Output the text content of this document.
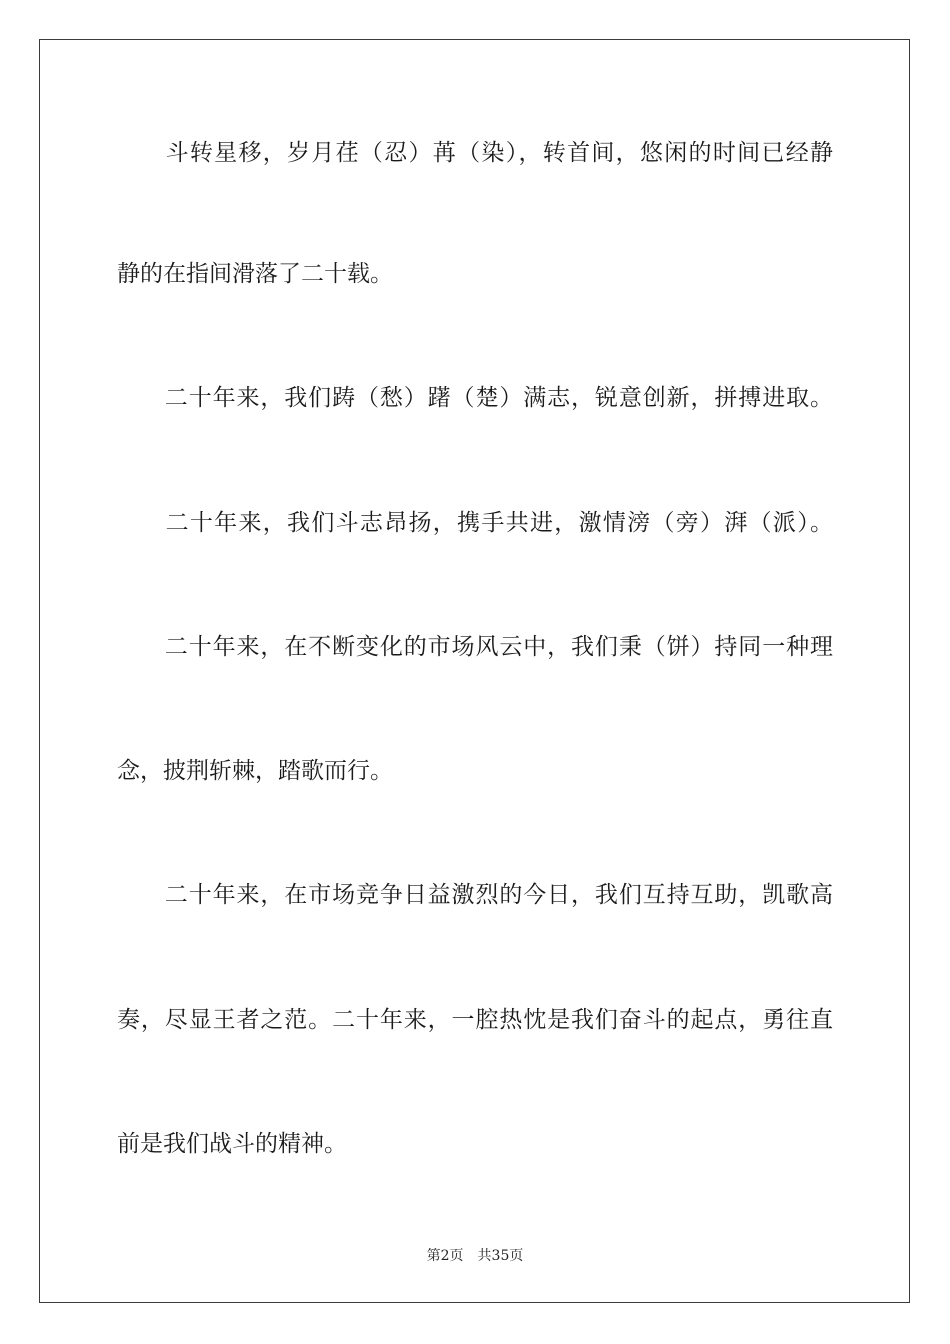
　　斗转星移，岁月荏（忍）苒（染），转首间，悠闲的时间已经静
静的在指间滑落了二十载。
　　二十年来，我们踌（愁）躇（楚）满志，锐意创新，拼搏进取。
　　二十年来，我们斗志昂扬，携手共进，激情滂（旁）湃（派）。
　　二十年来，在不断变化的市场风云中，我们秉（饼）持同一种理
念，披荆斩棘，踏歌而行。
　　二十年来，在市场竞争日益激烈的今日，我们互持互助，凯歌高
奏，尽显王者之范。二十年来，一腔热忱是我们奋斗的起点，勇往直
前是我们战斗的精神。
第2页　共35页
